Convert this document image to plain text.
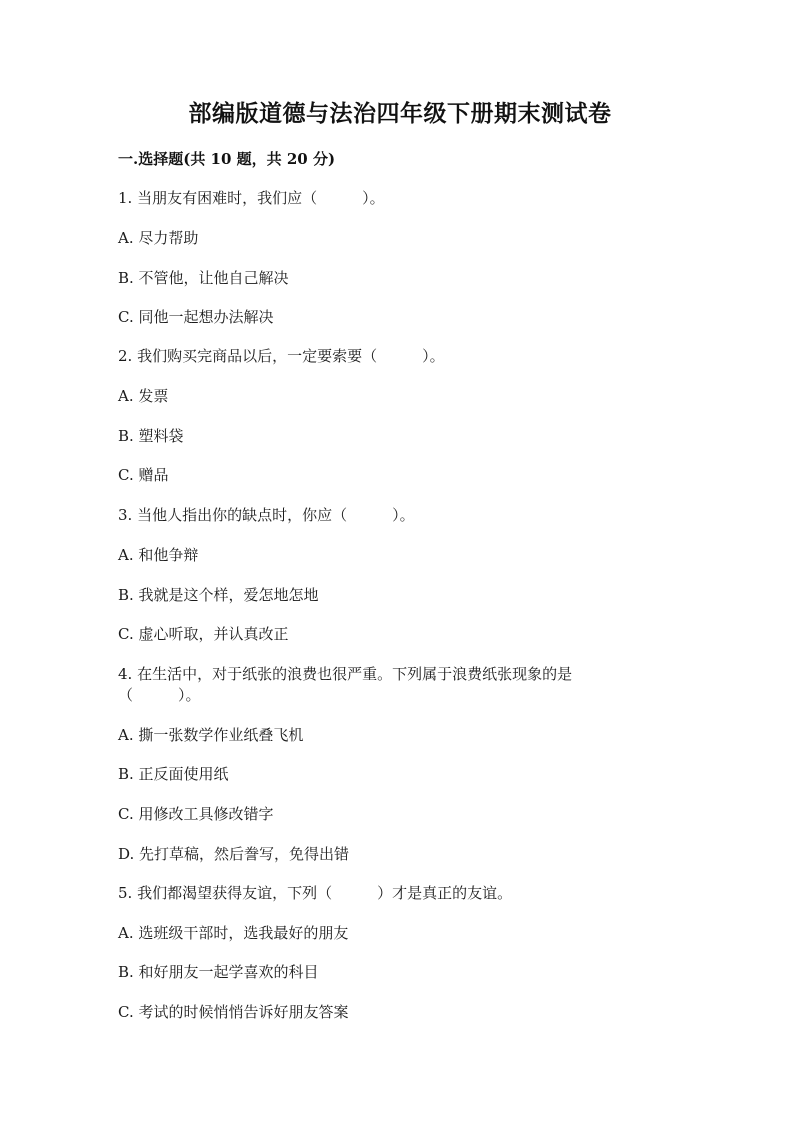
部编版道德与法治四年级下册期末测试卷
一.选择题(共 10 题，共 20 分)
1. 当朋友有困难时，我们应（　　　）。
A. 尽力帮助
B. 不管他，让他自己解决
C. 同他一起想办法解决
2. 我们购买完商品以后，一定要索要（　　　）。
A. 发票
B. 塑料袋
C. 赠品
3. 当他人指出你的缺点时，你应（　　　）。
A. 和他争辩
B. 我就是这个样，爱怎地怎地
C. 虚心听取，并认真改正
4. 在生活中，对于纸张的浪费也很严重。下列属于浪费纸张现象的是
（　　　）。
A. 撕一张数学作业纸叠飞机
B. 正反面使用纸
C. 用修改工具修改错字
D. 先打草稿，然后誊写，免得出错
5. 我们都渴望获得友谊，下列（　　　）才是真正的友谊。
A. 选班级干部时，选我最好的朋友
B. 和好朋友一起学喜欢的科目
C. 考试的时候悄悄告诉好朋友答案
